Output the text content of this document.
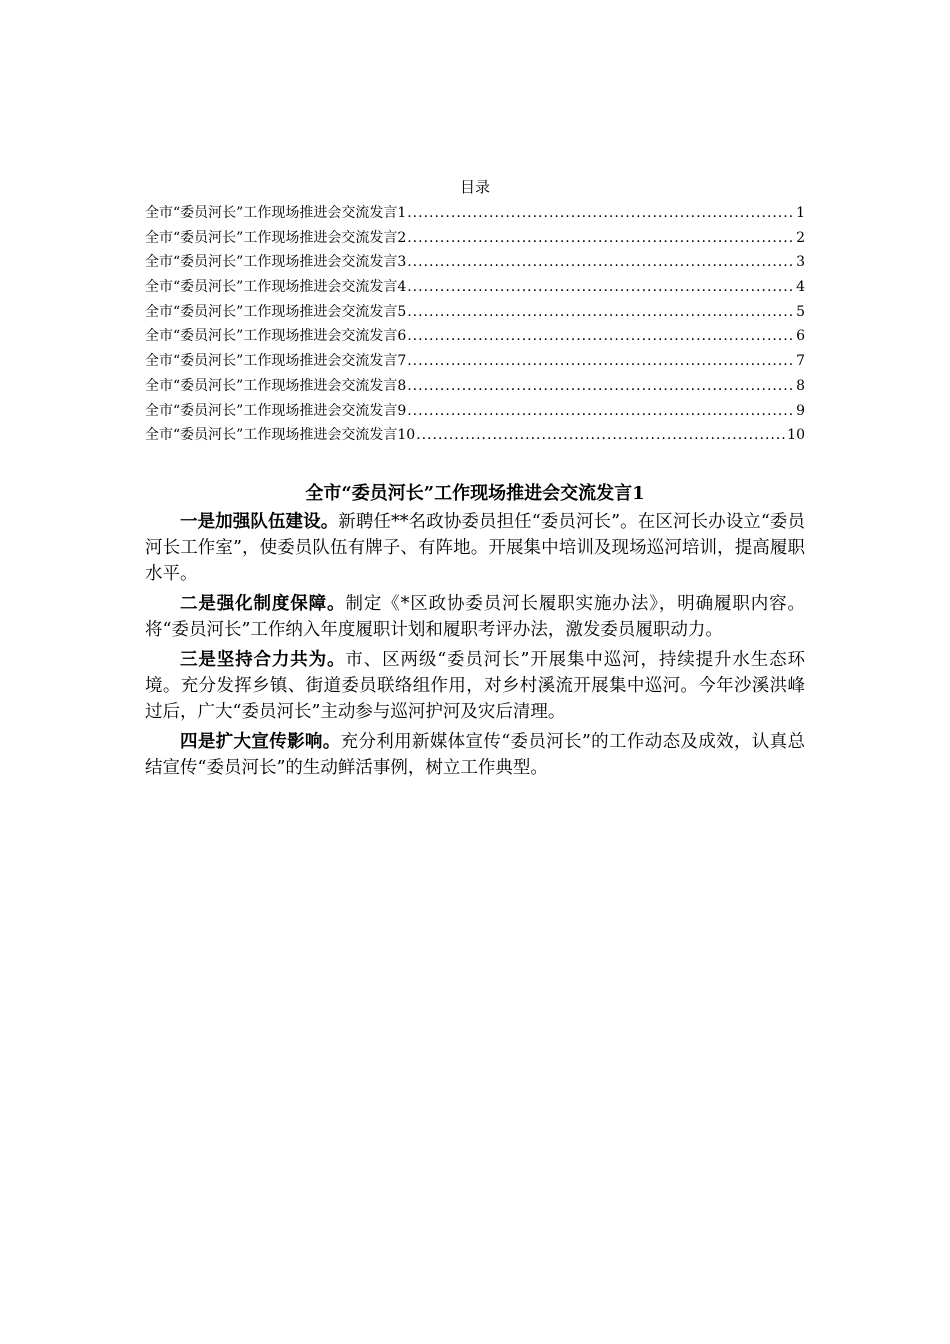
目录
全市“委员河长”工作现场推进会交流发言1 .....	1
全市“委员河长”工作现场推进会交流发言2 .....	2
全市“委员河长”工作现场推进会交流发言3 .....	3
全市“委员河长”工作现场推进会交流发言4 .....	4
全市“委员河长”工作现场推进会交流发言5 .....	5
全市“委员河长”工作现场推进会交流发言6 .....	6
全市“委员河长”工作现场推进会交流发言7 .....	7
全市“委员河长”工作现场推进会交流发言8 .....	8
全市“委员河长”工作现场推进会交流发言9 .....	9
全市“委员河长”工作现场推进会交流发言10 .....	10
全市“委员河长”工作现场推进会交流发言1

一是加强队伍建设。新聘任**名政协委员担任“委员河长”。在区河长办设立“委员河长工作室”，使委员队伍有牌子、有阵地。开展集中培训及现场巡河培训，提高履职水平。

二是强化制度保障。制定《*区政协委员河长履职实施办法》，明确履职内容。将“委员河长”工作纳入年度履职计划和履职考评办法，激发委员履职动力。

三是坚持合力共为。市、区两级“委员河长”开展集中巡河，持续提升水生态环境。充分发挥乡镇、街道委员联络组作用，对乡村溪流开展集中巡河。今年沙溪洪峰过后，广大“委员河长”主动参与巡河护河及灾后清理。

四是扩大宣传影响。充分利用新媒体宣传“委员河长”的工作动态及成效，认真总结宣传“委员河长”的生动鲜活事例，树立工作典型。
